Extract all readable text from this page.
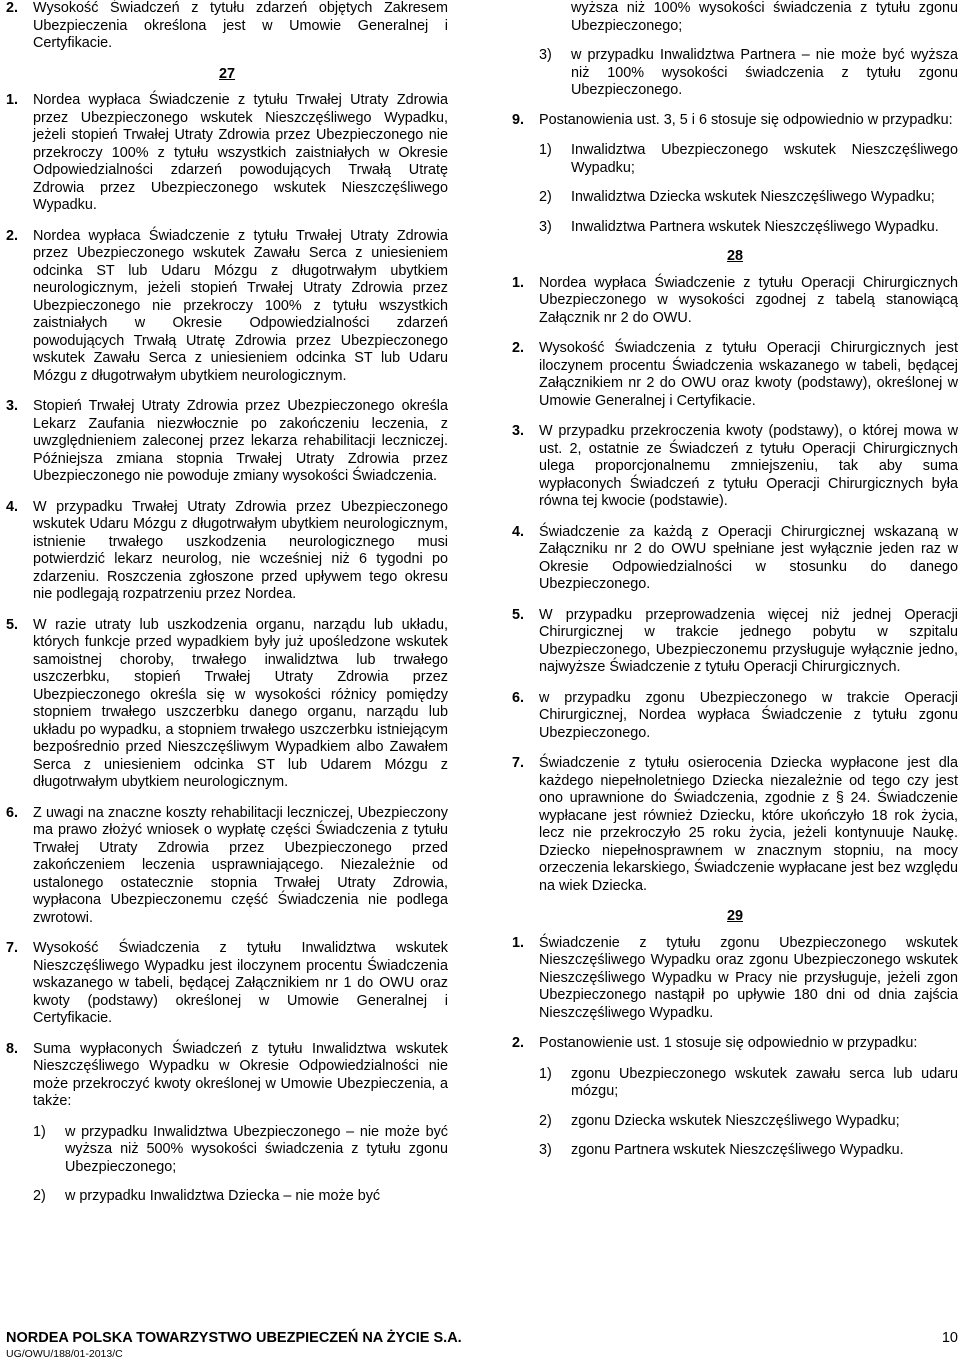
2.	Wysokość Świadczeń z tytułu zdarzeń objętych Zakresem Ubezpieczenia określona jest w Umowie Generalnej i Certyfikacie.
27
1.	Nordea wypłaca Świadczenie z tytułu Trwałej Utraty Zdrowia przez Ubezpieczonego wskutek Nieszczęśliwego Wypadku, jeżeli stopień Trwałej Utraty Zdrowia przez Ubezpieczonego nie przekroczy 100% z tytułu wszystkich zaistniałych w Okresie Odpowiedzialności zdarzeń powodujących Trwałą Utratę Zdrowia przez Ubezpieczonego wskutek Nieszczęśliwego Wypadku.
2.	Nordea wypłaca Świadczenie z tytułu Trwałej Utraty Zdrowia przez Ubezpieczonego wskutek Zawału Serca z uniesieniem odcinka ST lub Udaru Mózgu z długotrwałym ubytkiem neurologicznym, jeżeli stopień Trwałej Utraty Zdrowia przez Ubezpieczonego nie przekroczy 100% z tytułu wszystkich zaistniałych w Okresie Odpowiedzialności zdarzeń powodujących Trwałą Utratę Zdrowia przez Ubezpieczonego wskutek Zawału Serca z uniesieniem odcinka ST lub Udaru Mózgu z długotrwałym ubytkiem neurologicznym.
3.	Stopień Trwałej Utraty Zdrowia przez Ubezpieczonego określa Lekarz Zaufania niezwłocznie po zakończeniu leczenia, z uwzględnieniem zaleconej przez lekarza rehabilitacji leczniczej. Późniejsza zmiana stopnia Trwałej Utraty Zdrowia przez Ubezpieczonego nie powoduje zmiany wysokości Świadczenia.
4.	W przypadku Trwałej Utraty Zdrowia przez Ubezpieczonego wskutek Udaru Mózgu z długotrwałym ubytkiem neurologicznym, istnienie trwałego uszkodzenia neurologicznego musi potwierdzić lekarz neurolog, nie wcześniej niż 6 tygodni po zdarzeniu. Roszczenia zgłoszone przed upływem tego okresu nie podlegają rozpatrzeniu przez Nordea.
5.	W razie utraty lub uszkodzenia organu, narządu lub układu, których funkcje przed wypadkiem były już upośledzone wskutek samoistnej choroby, trwałego inwalidztwa lub trwałego uszczerbku, stopień Trwałej Utraty Zdrowia przez Ubezpieczonego określa się w wysokości różnicy pomiędzy stopniem trwałego uszczerbku danego organu, narządu lub układu po wypadku, a stopniem trwałego uszczerbku istniejącym bezpośrednio przed Nieszczęśliwym Wypadkiem albo Zawałem Serca z uniesieniem odcinka ST lub Udarem Mózgu z długotrwałym ubytkiem neurologicznym.
6.	Z uwagi na znaczne koszty rehabilitacji leczniczej, Ubezpieczony ma prawo złożyć wniosek o wypłatę części Świadczenia z tytułu Trwałej Utraty Zdrowia przez Ubezpieczonego przed zakończeniem leczenia usprawniającego. Niezależnie od ustalonego ostatecznie stopnia Trwałej Utraty Zdrowia, wypłacona Ubezpieczonemu część Świadczenia nie podlega zwrotowi.
7.	Wysokość Świadczenia z tytułu Inwalidztwa wskutek Nieszczęśliwego Wypadku jest iloczynem procentu Świadczenia wskazanego w tabeli, będącej Załącznikiem nr 1 do OWU oraz kwoty (podstawy) określonej w Umowie Generalnej i Certyfikacie.
8.	Suma wypłaconych Świadczeń z tytułu Inwalidztwa wskutek Nieszczęśliwego Wypadku w Okresie Odpowiedzialności nie może przekroczyć kwoty określonej w Umowie Ubezpieczenia, a także:
1)	w przypadku Inwalidztwa Ubezpieczonego – nie może być wyższa niż 500% wysokości świadczenia z tytułu zgonu Ubezpieczonego;
2)	w przypadku Inwalidztwa Dziecka – nie może być
wyższa niż 100% wysokości świadczenia z tytułu zgonu Ubezpieczonego;
3)	w przypadku Inwalidztwa Partnera – nie może być wyższa niż 100% wysokości świadczenia z tytułu zgonu Ubezpieczonego.
9.	Postanowienia ust. 3, 5 i 6 stosuje się odpowiednio w przypadku:
1)	Inwalidztwa Ubezpieczonego wskutek Nieszczęśliwego Wypadku;
2)	Inwalidztwa Dziecka wskutek Nieszczęśliwego Wypadku;
3)	Inwalidztwa Partnera wskutek Nieszczęśliwego Wypadku.
28
1.	Nordea wypłaca Świadczenie z tytułu Operacji Chirurgicznych Ubezpieczonego w wysokości zgodnej z tabelą stanowiącą Załącznik nr 2 do OWU.
2.	Wysokość Świadczenia z tytułu Operacji Chirurgicznych jest iloczynem procentu Świadczenia wskazanego w tabeli, będącej Załącznikiem nr 2 do OWU oraz kwoty (podstawy), określonej w Umowie Generalnej i Certyfikacie.
3.	W przypadku przekroczenia kwoty (podstawy), o której mowa w ust. 2, ostatnie ze Świadczeń z tytułu Operacji Chirurgicznych ulega proporcjonalnemu zmniejszeniu, tak aby suma wypłaconych Świadczeń z tytułu Operacji Chirurgicznych była równa tej kwocie (podstawie).
4.	Świadczenie za każdą z Operacji Chirurgicznej wskazaną w Załączniku nr 2 do OWU spełniane jest wyłącznie jeden raz w Okresie Odpowiedzialności w stosunku do danego Ubezpieczonego.
5.	W przypadku przeprowadzenia więcej niż jednej Operacji Chirurgicznej w trakcie jednego pobytu w szpitalu Ubezpieczonego, Ubezpieczonemu przysługuje wyłącznie jedno, najwyższe Świadczenie z tytułu Operacji Chirurgicznych.
6.	w przypadku zgonu Ubezpieczonego w trakcie Operacji Chirurgicznej, Nordea wypłaca Świadczenie z tytułu zgonu Ubezpieczonego.
7.	Świadczenie z tytułu osierocenia Dziecka wypłacone jest dla każdego niepełnoletniego Dziecka niezależnie od tego czy jest ono uprawnione do Świadczenia, zgodnie z § 24. Świadczenie wypłacane jest również Dziecku, które ukończyło 18 rok życia, lecz nie przekroczyło 25 roku życia, jeżeli kontynuuje Naukę. Dziecko niepełnosprawnem w znacznym stopniu, na mocy orzeczenia lekarskiego, Świadczenie wypłacane jest bez względu na wiek Dziecka.
29
1.	Świadczenie z tytułu zgonu Ubezpieczonego wskutek Nieszczęśliwego Wypadku oraz zgonu Ubezpieczonego wskutek Nieszczęśliwego Wypadku w Pracy nie przysługuje, jeżeli zgon Ubezpieczonego nastąpił po upływie 180 dni od dnia zajścia Nieszczęśliwego Wypadku.
2.	Postanowienie ust. 1 stosuje się odpowiednio w przypadku:
1)	zgonu Ubezpieczonego wskutek zawału serca lub udaru mózgu;
2)	zgonu Dziecka wskutek Nieszczęśliwego Wypadku;
3)	zgonu Partnera wskutek Nieszczęśliwego Wypadku.
NORDEA POLSKA TOWARZYSTWO UBEZPIECZEŃ NA ŻYCIE S.A.	10
UG/OWU/188/01-2013/C
